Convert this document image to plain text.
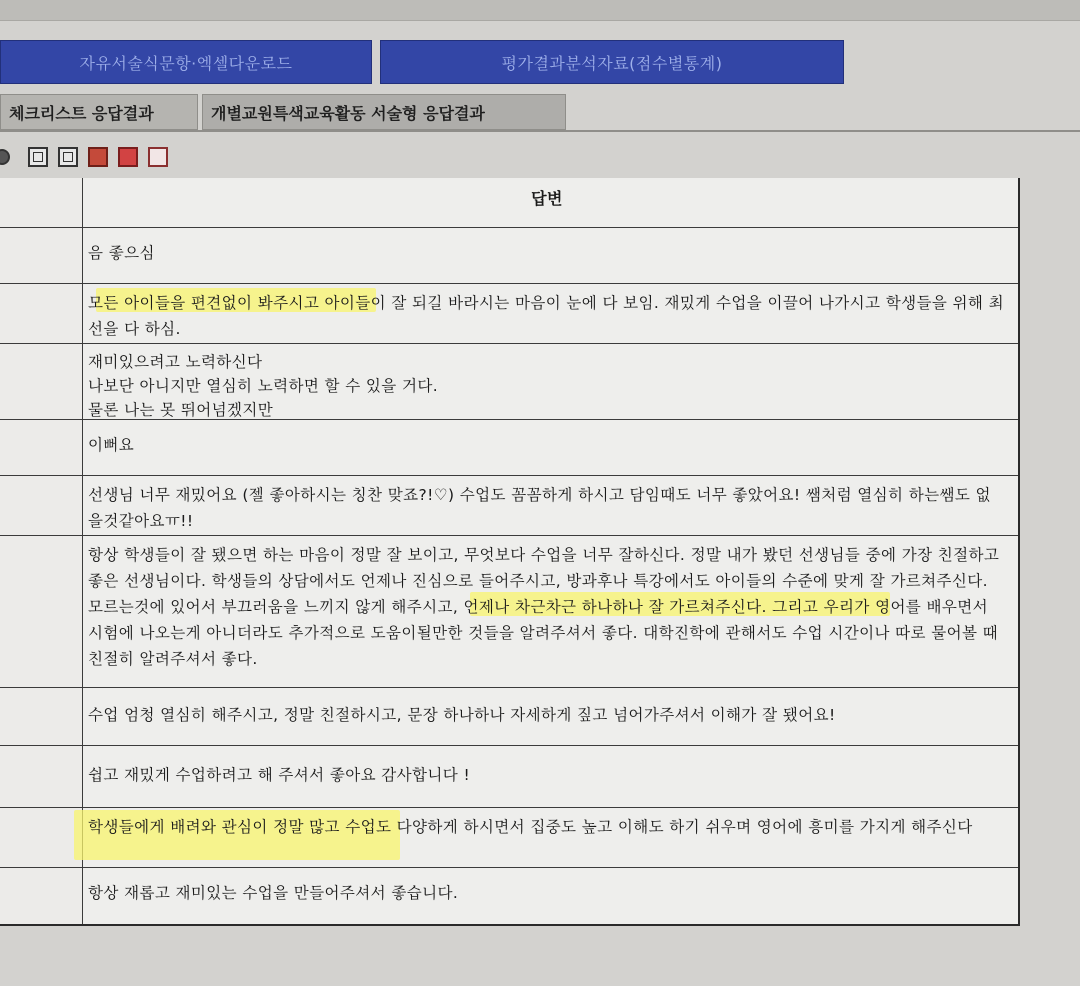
자유서술식문항·엑셀다운로드	평가결과분석자료(점수별통계)
체크리스트 응답결과	개별교원특색교육활동 서술형 응답결과
답변
음 좋으심
모든 아이들을 편견없이 봐주시고 아이들이 잘 되길 바라시는 마음이 눈에 다 보임. 재밌게 수업을 이끌어 나가시고 학생들을 위해 최선을 다 하심.
재미있으려고 노력하신다
나보단 아니지만 열심히 노력하면 할 수 있을 거다.
물론 나는 못 뛰어넘겠지만
이뻐요
선생님 너무 재밌어요 (젤 좋아하시는 칭찬 맞죠?!♡) 수업도 꼼꼼하게 하시고 담임때도 너무 좋았어요! 쌤처럼 열심히 하는쌤도 없을것같아요ㅠ!!
항상 학생들이 잘 됐으면 하는 마음이 정말 잘 보이고, 무엇보다 수업을 너무 잘하신다. 정말 내가 봤던 선생님들 중에 가장 친절하고 좋은 선생님이다. 학생들의 상담에서도 언제나 진심으로 들어주시고, 방과후나 특강에서도 아이들의 수준에 맞게 잘 가르쳐주신다. 모르는것에 있어서 부끄러움을 느끼지 않게 해주시고, 언제나 차근차근 하나하나 잘 가르쳐주신다. 그리고 우리가 영어를 배우면서 시험에 나오는게 아니더라도 추가적으로 도움이될만한 것들을 알려주셔서 좋다. 대학진학에 관해서도 수업 시간이나 따로 물어볼 때 친절히 알려주셔서 좋다.
수업 엄청 열심히 해주시고, 정말 친절하시고, 문장 하나하나 자세하게 짚고 넘어가주셔서 이해가 잘 됐어요!
쉽고 재밌게 수업하려고 해 주셔서 좋아요 감사합니다 !
학생들에게 배려와 관심이 정말 많고 수업도 다양하게 하시면서 집중도 높고 이해도 하기 쉬우며 영어에 흥미를 가지게 해주신다
항상 재롭고 재미있는 수업을 만들어주셔서 좋습니다.
